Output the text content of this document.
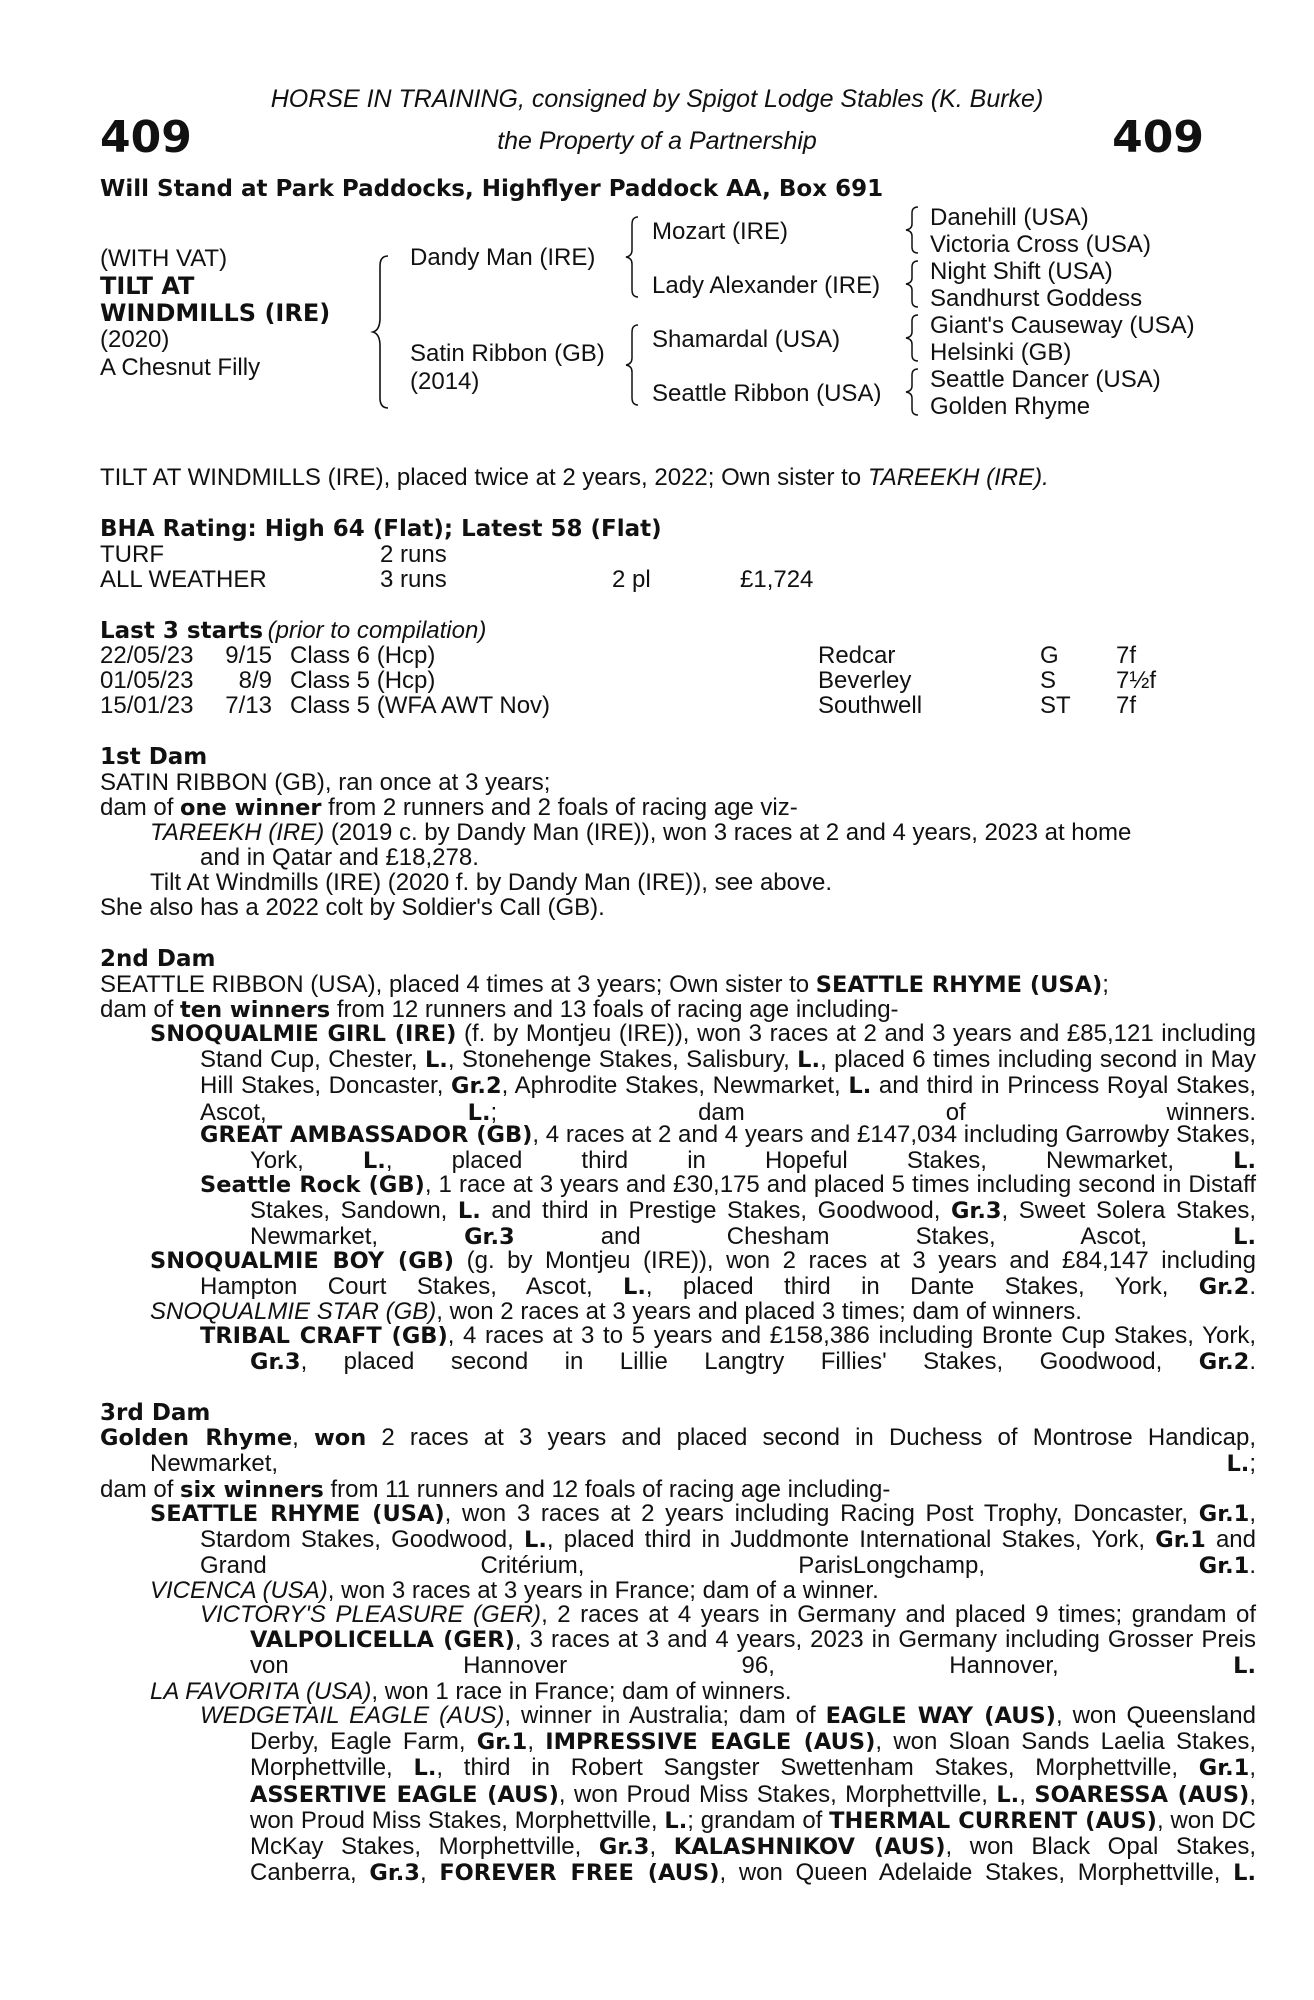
409	409
HORSE IN TRAINING, consigned by Spigot Lodge Stables (K. Burke)
the Property of a Partnership
Will Stand at Park Paddocks, Highflyer Paddock AA, Box 691
(WITH VAT)
TILT AT
WINDMILLS (IRE)
(2020)
A Chesnut Filly
Dandy Man (IRE)
Satin Ribbon (GB)
(2014)
Mozart (IRE)
Lady Alexander (IRE)
Shamardal (USA)
Seattle Ribbon (USA)
Danehill (USA)
Victoria Cross (USA)
Night Shift (USA)
Sandhurst Goddess
Giant's Causeway (USA)
Helsinki (GB)
Seattle Dancer (USA)
Golden Rhyme
TILT AT WINDMILLS (IRE), placed twice at 2 years, 2022; Own sister to TAREEKH (IRE).
BHA Rating: High 64 (Flat); Latest 58 (Flat)
TURF	2 runs
ALL WEATHER	3 runs	2 pl	£1,724
Last 3 starts (prior to compilation)
22/05/23 9/15 Class 6 (Hcp)	Redcar	G 7f
01/05/23	8/9 Class 5 (Hcp)	Beverley	S 7½f
15/01/23 7/13 Class 5 (WFA AWT Nov)	Southwell	ST 7f
1st Dam
SATIN RIBBON (GB), ran once at 3 years;
dam of one winner from 2 runners and 2 foals of racing age viz-
TAREEKH (IRE) (2019 c. by Dandy Man (IRE)), won 3 races at 2 and 4 years, 2023 at home
and in Qatar and £18,278.
Tilt At Windmills (IRE) (2020 f. by Dandy Man (IRE)), see above.
She also has a 2022 colt by Soldier's Call (GB).
2nd Dam
SEATTLE RIBBON (USA), placed 4 times at 3 years; Own sister to SEATTLE RHYME (USA);
dam of ten winners from 12 runners and 13 foals of racing age including-
SNOQUALMIE GIRL (IRE) (f. by Montjeu (IRE)), won 3 races at 2 and 3 years and £85,121 including Stand Cup, Chester, L., Stonehenge Stakes, Salisbury, L., placed 6 times including second in May Hill Stakes, Doncaster, Gr.2, Aphrodite Stakes, Newmarket, L. and third in Princess Royal Stakes, Ascot, L.; dam of winners.
GREAT AMBASSADOR (GB), 4 races at 2 and 4 years and £147,034 including Garrowby Stakes, York, L., placed third in Hopeful Stakes, Newmarket, L.
Seattle Rock (GB), 1 race at 3 years and £30,175 and placed 5 times including second in Distaff Stakes, Sandown, L. and third in Prestige Stakes, Goodwood, Gr.3, Sweet Solera Stakes, Newmarket, Gr.3 and Chesham Stakes, Ascot, L.
SNOQUALMIE BOY (GB) (g. by Montjeu (IRE)), won 2 races at 3 years and £84,147 including Hampton Court Stakes, Ascot, L., placed third in Dante Stakes, York, Gr.2.
SNOQUALMIE STAR (GB), won 2 races at 3 years and placed 3 times; dam of winners.
TRIBAL CRAFT (GB), 4 races at 3 to 5 years and £158,386 including Bronte Cup Stakes, York, Gr.3, placed second in Lillie Langtry Fillies' Stakes, Goodwood, Gr.2.
3rd Dam
Golden Rhyme, won 2 races at 3 years and placed second in Duchess of Montrose Handicap, Newmarket, L.;
dam of six winners from 11 runners and 12 foals of racing age including-
SEATTLE RHYME (USA), won 3 races at 2 years including Racing Post Trophy, Doncaster, Gr.1, Stardom Stakes, Goodwood, L., placed third in Juddmonte International Stakes, York, Gr.1 and Grand Critérium, ParisLongchamp, Gr.1.
VICENCA (USA), won 3 races at 3 years in France; dam of a winner.
VICTORY'S PLEASURE (GER), 2 races at 4 years in Germany and placed 9 times; grandam of VALPOLICELLA (GER), 3 races at 3 and 4 years, 2023 in Germany including Grosser Preis von Hannover 96, Hannover, L.
LA FAVORITA (USA), won 1 race in France; dam of winners.
WEDGETAIL EAGLE (AUS), winner in Australia; dam of EAGLE WAY (AUS), won Queensland Derby, Eagle Farm, Gr.1, IMPRESSIVE EAGLE (AUS), won Sloan Sands Laelia Stakes, Morphettville, L., third in Robert Sangster Swettenham Stakes, Morphettville, Gr.1, ASSERTIVE EAGLE (AUS), won Proud Miss Stakes, Morphettville, L., SOARESSA (AUS), won Proud Miss Stakes, Morphettville, L.; grandam of THERMAL CURRENT (AUS), won DC McKay Stakes, Morphettville, Gr.3, KALASHNIKOV (AUS), won Black Opal Stakes, Canberra, Gr.3, FOREVER FREE (AUS), won Queen Adelaide Stakes, Morphettville, L.
